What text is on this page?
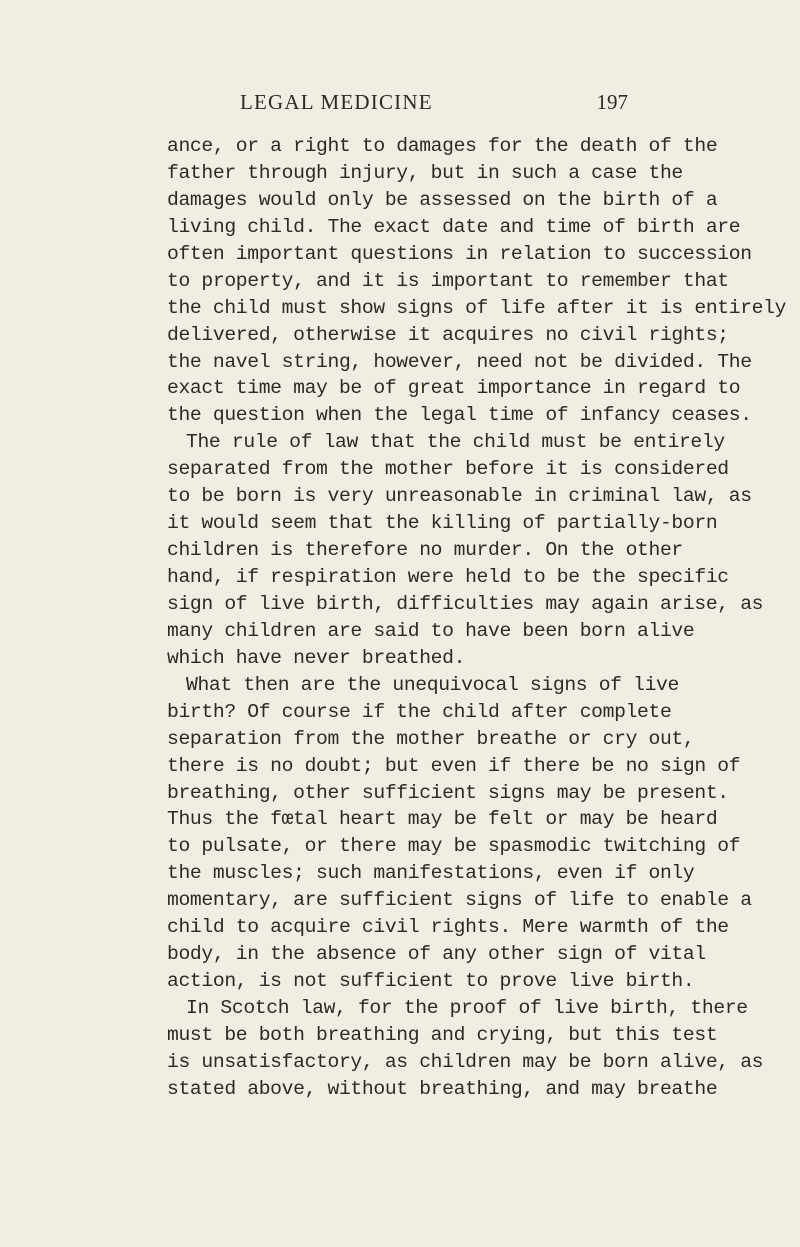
LEGAL MEDICINE	197
ance, or a right to damages for the death of the
father through injury, but in such a case the
damages would only be assessed on the birth of a
living child. The exact date and time of birth are
often important questions in relation to succession
to property, and it is important to remember that
the child must show signs of life after it is entirely
delivered, otherwise it acquires no civil rights;
the navel string, however, need not be divided. The
exact time may be of great importance in regard to
the question when the legal time of infancy ceases.
The rule of law that the child must be entirely
separated from the mother before it is considered
to be born is very unreasonable in criminal law, as
it would seem that the killing of partially-born
children is therefore no murder. On the other
hand, if respiration were held to be the specific
sign of live birth, difficulties may again arise, as
many children are said to have been born alive
which have never breathed.
What then are the unequivocal signs of live
birth? Of course if the child after complete
separation from the mother breathe or cry out,
there is no doubt; but even if there be no sign of
breathing, other sufficient signs may be present.
Thus the fœtal heart may be felt or may be heard
to pulsate, or there may be spasmodic twitching of
the muscles; such manifestations, even if only
momentary, are sufficient signs of life to enable a
child to acquire civil rights. Mere warmth of the
body, in the absence of any other sign of vital
action, is not sufficient to prove live birth.
In Scotch law, for the proof of live birth, there
must be both breathing and crying, but this test
is unsatisfactory, as children may be born alive, as
stated above, without breathing, and may breathe
